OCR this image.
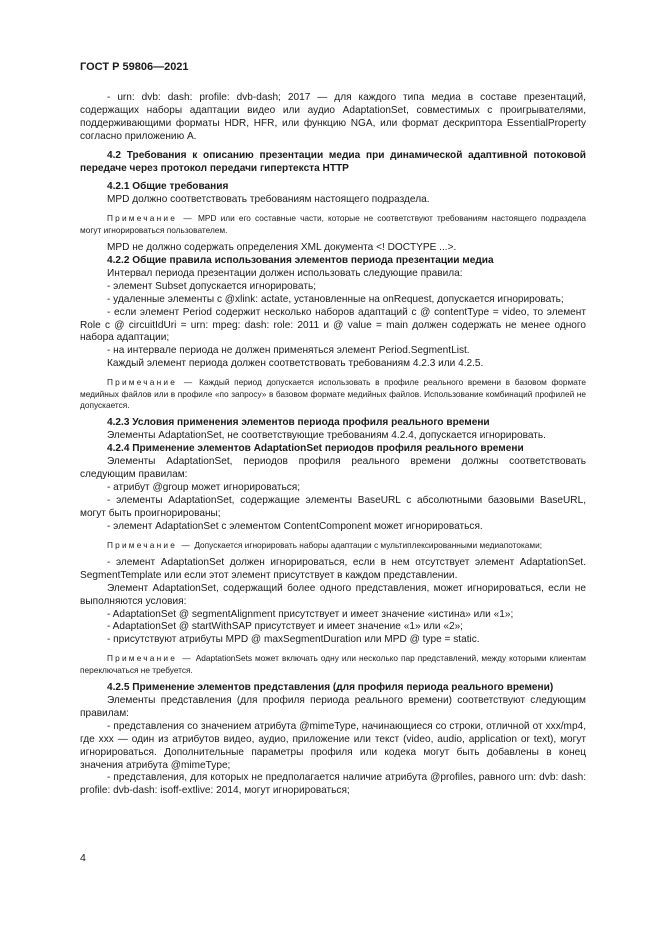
ГОСТ Р 59806—2021

- urn: dvb: dash: profile: dvb-dash; 2017 — для каждого типа медиа в составе презентаций, содержащих наборы адаптации видео или аудио AdaptationSet, совместимых с проигрывателями, поддерживающими форматы HDR, HFR, или функцию NGA, или формат дескриптора EssentialProperty согласно приложению А.

4.2 Требования к описанию презентации медиа при динамической адаптивной потоковой передаче через протокол передачи гипертекста HTTP

4.2.1 Общие требования

MPD должно соответствовать требованиям настоящего подраздела.

Примечание — MPD или его составные части, которые не соответствуют требованиям настоящего подраздела могут игнорироваться пользователем.

MPD не должно содержать определения XML документа <! DOCTYPE ...>.

4.2.2 Общие правила использования элементов периода презентации медиа

Интервал периода презентации должен использовать следующие правила:

- элемент Subset допускается игнорировать;

- удаленные элементы с @xlink: actate, установленные на onRequest, допускается игнорировать;

- если элемент Period содержит несколько наборов адаптаций с @ contentType = video, то элемент Role с @ circuitIdUri = urn: mpeg: dash: role: 2011 и @ value = main должен содержать не менее одного набора адаптации;

- на интервале периода не должен применяться элемент Period.SegmentList.

Каждый элемент периода должен соответствовать требованиям 4.2.3 или 4.2.5.

Примечание — Каждый период допускается использовать в профиле реального времени в базовом формате медийных файлов или в профиле «по запросу» в базовом формате медийных файлов. Использование комбинаций профилей не допускается.

4.2.3 Условия применения элементов периода профиля реального времени

Элементы AdaptationSet, не соответствующие требованиям 4.2.4, допускается игнорировать.

4.2.4 Применение элементов AdaptationSet периодов профиля реального времени

Элементы AdaptationSet, периодов профиля реального времени должны соответствовать следующим правилам:

- атрибут @group может игнорироваться;

- элементы AdaptationSet, содержащие элементы BaseURL с абсолютными базовыми BaseURL, могут быть проигнорированы;

- элемент AdaptationSet с элементом ContentComponent может игнорироваться.

Примечание — Допускается игнорировать наборы адаптации с мультиплексированными медиапотоками;

- элемент AdaptationSet должен игнорироваться, если в нем отсутствует элемент AdaptationSet. SegmentTemplate или если этот элемент присутствует в каждом представлении.

Элемент AdaptationSet, содержащий более одного представления, может игнорироваться, если не выполняются условия:

- AdaptationSet @ segmentAlignment присутствует и имеет значение «истина» или «1»;

- AdaptationSet @ startWithSAP присутствует и имеет значение «1» или «2»;

- присутствуют атрибуты MPD @ maxSegmentDuration или MPD @ type = static.

Примечание — AdaptationSets может включать одну или несколько пар представлений, между которыми клиентам переключаться не требуется.

4.2.5 Применение элементов представления (для профиля периода реального времени)

Элементы представления (для профиля периода реального времени) соответствуют следующим правилам:

- представления со значением атрибута @mimeType, начинающиеся со строки, отличной от xxx/mp4, где xxx — один из атрибутов видео, аудио, приложение или текст (video, audio, application or text), могут игнорироваться. Дополнительные параметры профиля или кодека могут быть добавлены в конец значения атрибута @mimeType;

- представления, для которых не предполагается наличие атрибута @profiles, равного urn: dvb: dash: profile: dvb-dash: isoff-extlive: 2014, могут игнорироваться;

4
